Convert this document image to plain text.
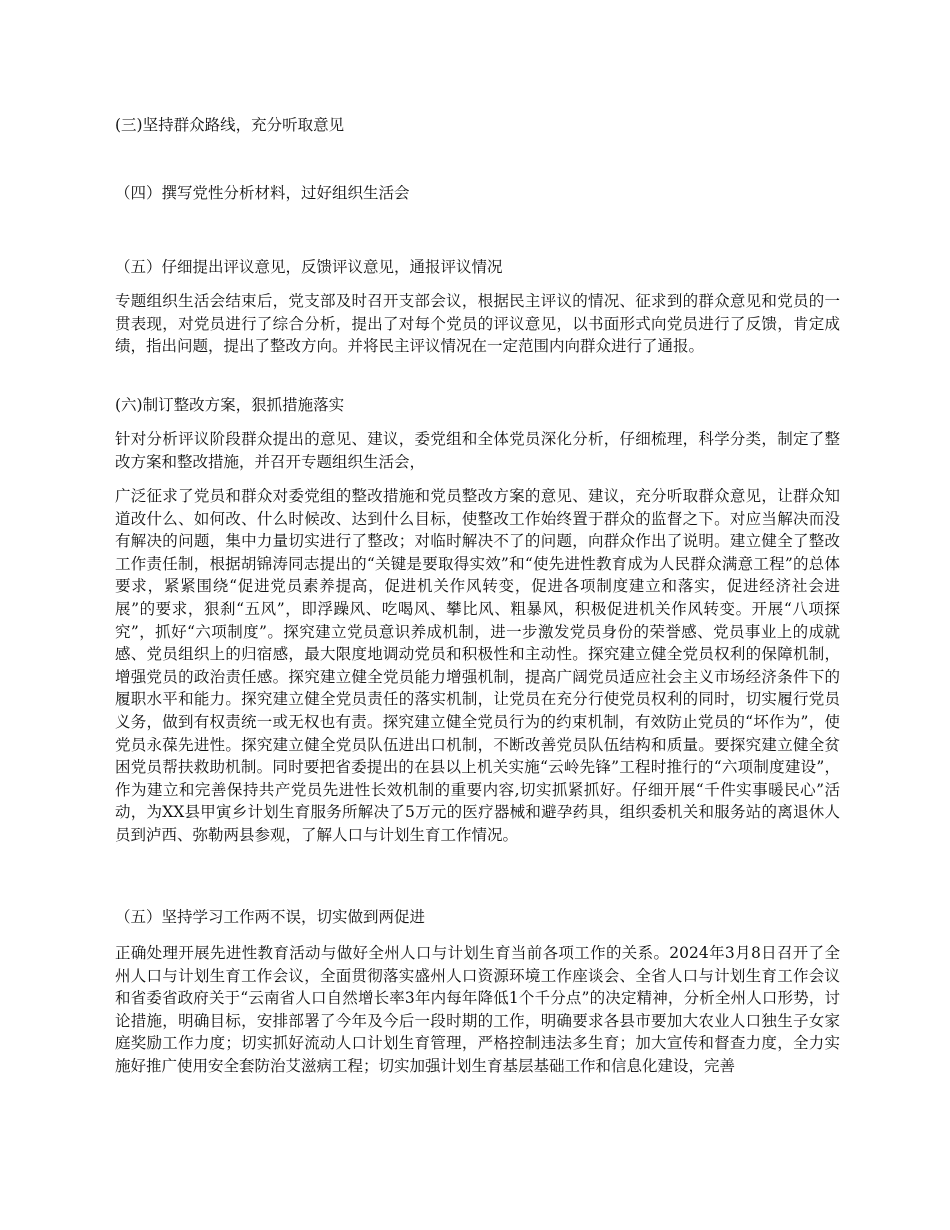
(三)坚持群众路线，充分听取意见
（四）撰写党性分析材料，过好组织生活会
（五）仔细提出评议意见，反馈评议意见，通报评议情况
专题组织生活会结束后，党支部及时召开支部会议，根据民主评议的情况、征求到的群众意见和党员的一贯表现，对党员进行了综合分析，提出了对每个党员的评议意见，以书面形式向党员进行了反馈，肯定成绩，指出问题，提出了整改方向。并将民主评议情况在一定范围内向群众进行了通报。
(六)制订整改方案，狠抓措施落实
针对分析评议阶段群众提出的意见、建议，委党组和全体党员深化分析，仔细梳理，科学分类，制定了整改方案和整改措施，并召开专题组织生活会，
广泛征求了党员和群众对委党组的整改措施和党员整改方案的意见、建议，充分听取群众意见，让群众知道改什么、如何改、什么时候改、达到什么目标，使整改工作始终置于群众的监督之下。对应当解决而没有解决的问题，集中力量切实进行了整改；对临时解决不了的问题，向群众作出了说明。建立健全了整改工作责任制，根据胡锦涛同志提出的“关键是要取得实效”和“使先进性教育成为人民群众满意工程”的总体要求，紧紧围绕“促进党员素养提高，促进机关作风转变，促进各项制度建立和落实，促进经济社会进展”的要求，狠刹“五风”，即浮躁风、吃喝风、攀比风、粗暴风，积极促进机关作风转变。开展“八项探究”，抓好“六项制度”。探究建立党员意识养成机制，进一步激发党员身份的荣誉感、党员事业上的成就感、党员组织上的归宿感，最大限度地调动党员和积极性和主动性。探究建立健全党员权利的保障机制，增强党员的政治责任感。探究建立健全党员能力增强机制，提高广阔党员适应社会主义市场经济条件下的履职水平和能力。探究建立健全党员责任的落实机制，让党员在充分行使党员权利的同时，切实履行党员义务，做到有权责统一或无权也有责。探究建立健全党员行为的约束机制，有效防止党员的“坏作为”，使党员永葆先进性。探究建立健全党员队伍进出口机制，不断改善党员队伍结构和质量。要探究建立健全贫困党员帮扶救助机制。同时要把省委提出的在县以上机关实施“云岭先锋”工程时推行的“六项制度建设”，作为建立和完善保持共产党员先进性长效机制的重要内容,切实抓紧抓好。仔细开展“千件实事暖民心”活动，为XX县甲寅乡计划生育服务所解决了5万元的医疗器械和避孕药具，组织委机关和服务站的离退休人员到泸西、弥勒两县参观，了解人口与计划生育工作情况。
（五）坚持学习工作两不误，切实做到两促进
正确处理开展先进性教育活动与做好全州人口与计划生育当前各项工作的关系。2024年3月8日召开了全州人口与计划生育工作会议，全面贯彻落实盛州人口资源环境工作座谈会、全省人口与计划生育工作会议和省委省政府关于“云南省人口自然增长率3年内每年降低1个千分点”的决定精神，分析全州人口形势，讨论措施，明确目标，安排部署了今年及今后一段时期的工作，明确要求各县市要加大农业人口独生子女家庭奖励工作力度；切实抓好流动人口计划生育管理，严格控制违法多生育；加大宣传和督查力度，全力实施好推广使用安全套防治艾滋病工程；切实加强计划生育基层基础工作和信息化建设，完善
